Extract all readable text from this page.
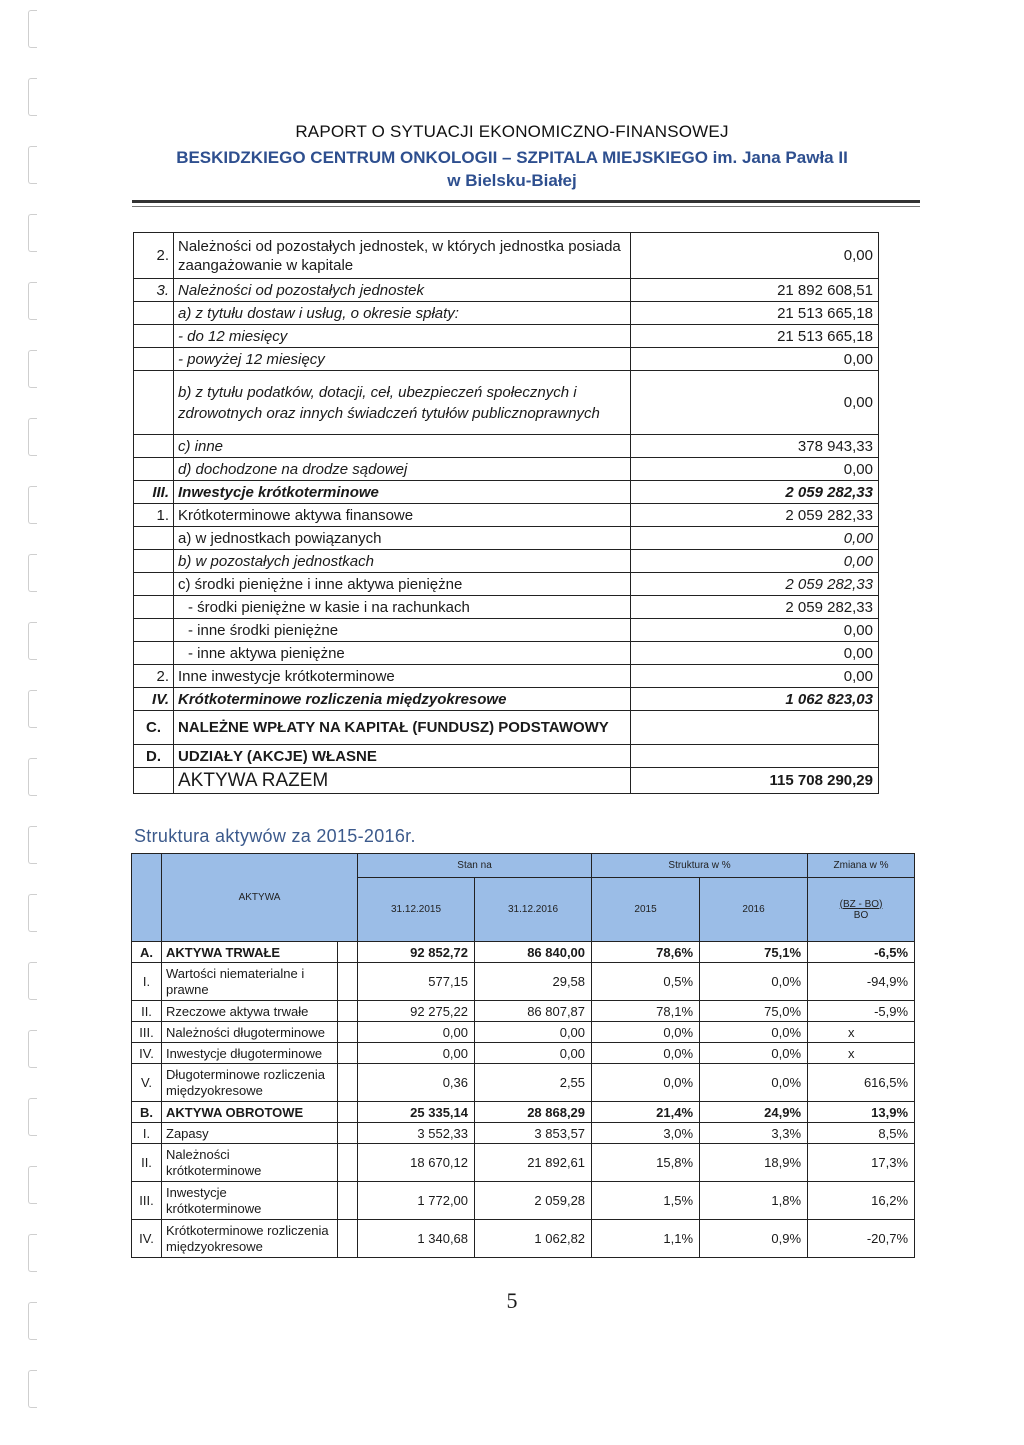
RAPORT O SYTUACJI EKONOMICZNO-FINANSOWEJ
BESKIDZKIEGO CENTRUM ONKOLOGII – SZPITALA MIEJSKIEGO im. Jana Pawła II
w Bielsku-Białej
2.	Należności od pozostałych jednostek, w których jednostka posiada zaangażowanie w kapitale	0,00
3.	Należności od pozostałych jednostek	21 892 608,51
	a) z tytułu dostaw i usług, o okresie spłaty:	21 513 665,18
	- do 12 miesięcy	21 513 665,18
	- powyżej 12 miesięcy	0,00
	b) z tytułu podatków, dotacji, ceł, ubezpieczeń społecznych i zdrowotnych oraz innych świadczeń tytułów publicznoprawnych	0,00
	c) inne	378 943,33
	d) dochodzone na drodze sądowej	0,00
III.	Inwestycje krótkoterminowe	2 059 282,33
1.	Krótkoterminowe aktywa finansowe	2 059 282,33
	a) w jednostkach powiązanych	0,00
	b) w pozostałych jednostkach	0,00
	c) środki pieniężne i inne aktywa pieniężne	2 059 282,33
	- środki pieniężne w kasie i na rachunkach	2 059 282,33
	- inne środki pieniężne	0,00
	- inne aktywa pieniężne	0,00
2.	Inne inwestycje krótkoterminowe	0,00
IV.	Krótkoterminowe rozliczenia międzyokresowe	1 062 823,03
C.	NALEŻNE WPŁATY NA KAPITAŁ (FUNDUSZ) PODSTAWOWY	
D.	UDZIAŁY (AKCJE) WŁASNE	
	AKTYWA RAZEM	115 708 290,29
Struktura aktywów za 2015-2016r.
	AKTYWA		Stan na		Struktura w %		Zmiana w %
			31.12.2015	31.12.2016	2015	2016	(BZ - BO)
BO

A.	AKTYWA TRWAŁE		92 852,72	86 840,00	78,6%	75,1%	-6,5%
I.	Wartości niematerialne i prawne		577,15	29,58	0,5%	0,0%	-94,9%
II.	Rzeczowe aktywa trwałe		92 275,22	86 807,87	78,1%	75,0%	-5,9%
III.	Należności długoterminowe		0,00	0,00	0,0%	0,0%	x
IV.	Inwestycje długoterminowe		0,00	0,00	0,0%	0,0%	x
V.	Długoterminowe rozliczenia międzyokresowe		0,36	2,55	0,0%	0,0%	616,5%
B.	AKTYWA OBROTOWE		25 335,14	28 868,29	21,4%	24,9%	13,9%
I.	Zapasy		3 552,33	3 853,57	3,0%	3,3%	8,5%
II.	Należności krótkoterminowe		18 670,12	21 892,61	15,8%	18,9%	17,3%
III.	Inwestycje krótkoterminowe		1 772,00	2 059,28	1,5%	1,8%	16,2%
IV.	Krótkoterminowe rozliczenia międzyokresowe		1 340,68	1 062,82	1,1%	0,9%	-20,7%
5
